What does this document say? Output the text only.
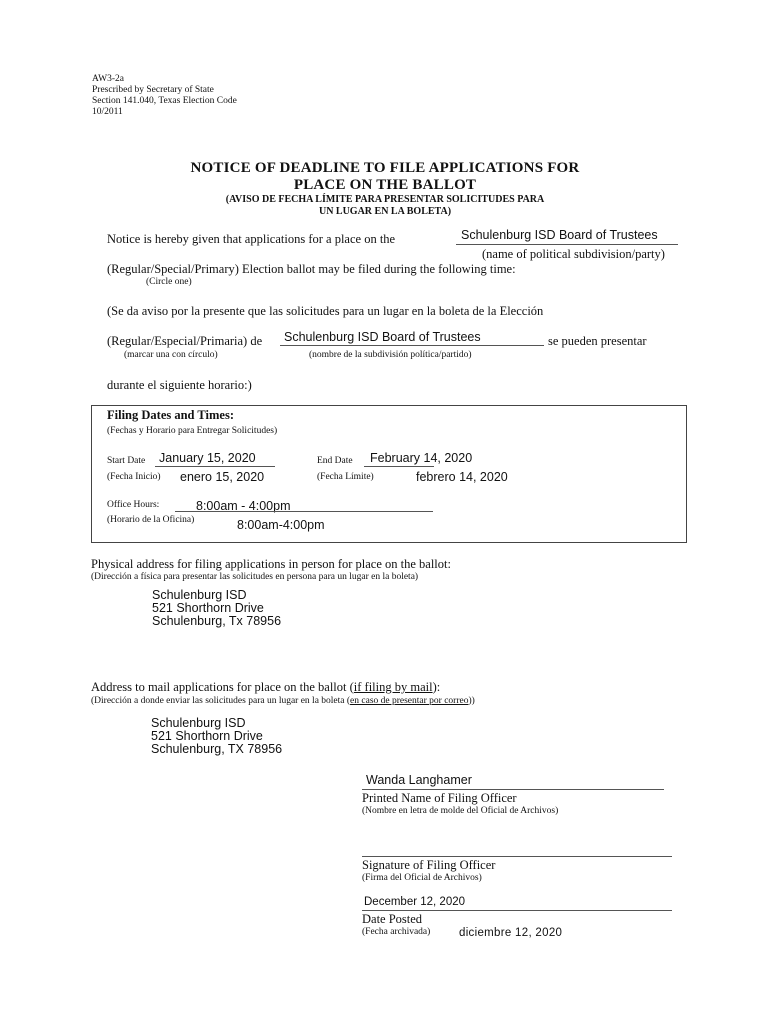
AW3-2a
Prescribed by Secretary of State
Section 141.040, Texas Election Code
10/2011
NOTICE OF DEADLINE TO FILE APPLICATIONS FOR
PLACE ON THE BALLOT
(AVISO DE FECHA LÍMITE PARA PRESENTAR SOLICITUDES PARA
UN LUGAR EN LA BOLETA)
Notice is hereby given that applications for a place on the	Schulenburg ISD Board of Trustees
(name of political subdivision/party)
(Regular/Special/Primary) Election ballot may be filed during the following time:
(Circle one)
(Se da aviso por la presente que las solicitudes para un lugar en la boleta de la Elección
(Regular/Especial/Primaria) de Schulenburg ISD Board of Trustees	se pueden presentar
(marcar una con círculo)	(nombre de la subdivisión política/partido)
durante el siguiente horario:)
Filing Dates and Times:
(Fechas y Horario para Entregar Solicitudes)
Start Date January 15, 2020
(Fecha Inicio) enero 15, 2020
End Date February 14, 2020
(Fecha Límite)	febrero 14, 2020
Office Hours:	8:00am - 4:00pm
(Horario de la Oficina)	8:00am-4:00pm
Physical address for filing applications in person for place on the ballot:
(Dirección a física para presentar las solicitudes en persona para un lugar en la boleta)
Schulenburg ISD
521 Shorthorn Drive
Schulenburg, Tx 78956
Address to mail applications for place on the ballot (if filing by mail):
(Dirección a donde enviar las solicitudes para un lugar en la boleta (en caso de presentar por correo))
Schulenburg ISD
521 Shorthorn Drive
Schulenburg, TX 78956
Wanda Langhamer
Printed Name of Filing Officer
(Nombre en letra de molde del Oficial de Archivos)
Signature of Filing Officer
(Firma del Oficial de Archivos)
December 12, 2020
Date Posted
(Fecha archivada) diciembre 12, 2020
